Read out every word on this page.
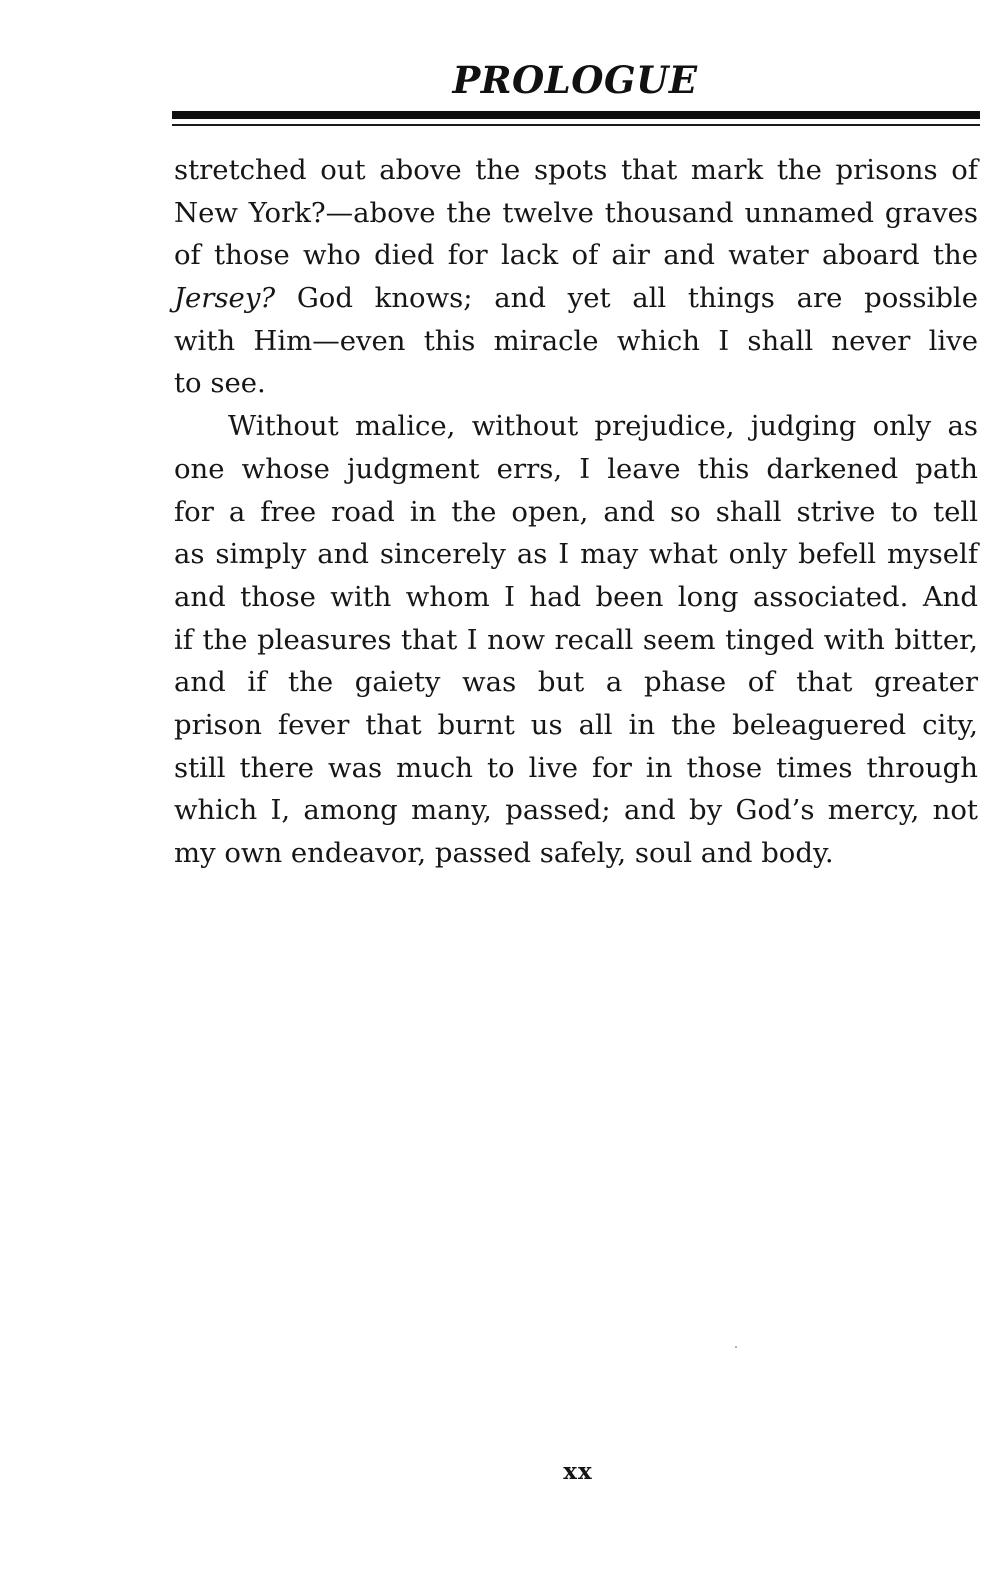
PROLOGUE
stretched out above the spots that mark the prisons of
New York?—above the twelve thousand unnamed graves
of those who died for lack of air and water aboard the
Jersey? God knows; and yet all things are possible
with Him—even this miracle which I shall never live
to see.
Without malice, without prejudice, judging only as
one whose judgment errs, I leave this darkened path
for a free road in the open, and so shall strive to tell
as simply and sincerely as I may what only befell myself
and those with whom I had been long associated. And
if the pleasures that I now recall seem tinged with bitter,
and if the gaiety was but a phase of that greater
prison fever that burnt us all in the beleaguered city,
still there was much to live for in those times through
which I, among many, passed; and by God’s mercy, not
my own endeavor, passed safely, soul and body.
xx
